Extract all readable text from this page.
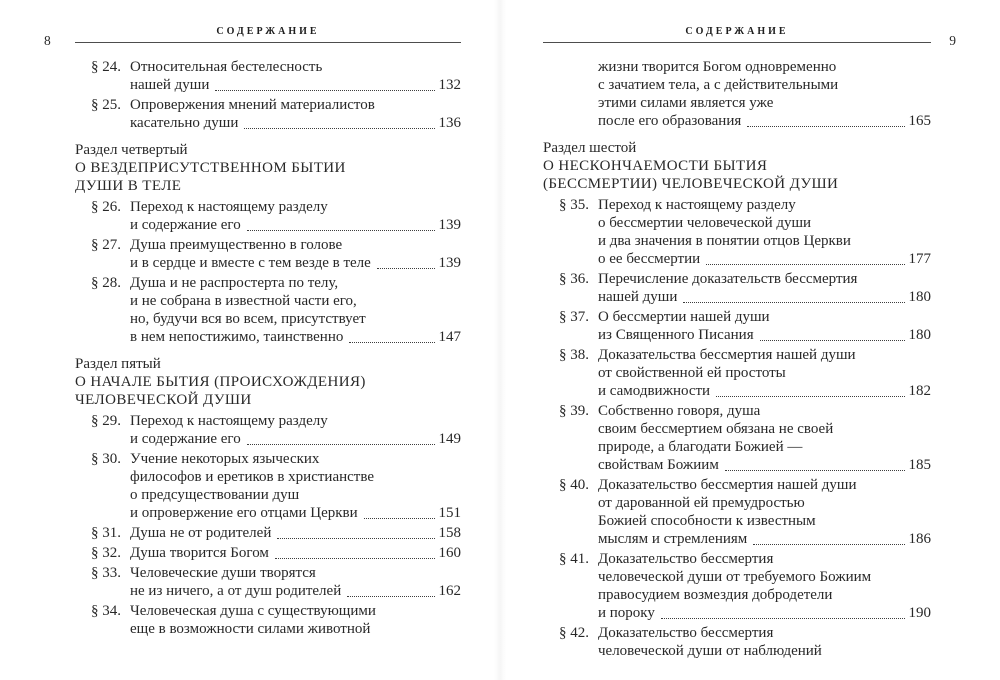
8
СОДЕРЖАНИЕ
§ 24. Относительная бестелесность
нашей души	132
§ 25. Опровержения мнений материалистов
касательно души	136
Раздел четвертый
О ВЕЗДЕПРИСУТСТВЕННОМ БЫТИИ
ДУШИ В ТЕЛЕ
§ 26. Переход к настоящему разделу
и содержание его	139
§ 27. Душа преимущественно в голове
и в сердце и вместе с тем везде в теле	139
§ 28. Душа и не распростерта по телу,
и не собрана в известной части его,
но, будучи вся во всем, присутствует
в нем непостижимо, таинственно	147
Раздел пятый
О НАЧАЛЕ БЫТИЯ (ПРОИСХОЖДЕНИЯ)
ЧЕЛОВЕЧЕСКОЙ ДУШИ
§ 29. Переход к настоящему разделу
и содержание его	149
§ 30. Учение некоторых языческих
философов и еретиков в христианстве
о предсуществовании душ
и опровержение его отцами Церкви	151
§ 31. Душа не от родителей	158
§ 32. Душа творится Богом	160
§ 33. Человеческие души творятся
не из ничего, а от душ родителей	162
§ 34. Человеческая душа с существующими
еще в возможности силами животной
9
СОДЕРЖАНИЕ
жизни творится Богом одновременно
с зачатием тела, а с действительными
этими силами является уже
после его образования	165
Раздел шестой
О НЕСКОНЧАЕМОСТИ БЫТИЯ
(БЕССМЕРТИИ) ЧЕЛОВЕЧЕСКОЙ ДУШИ
§ 35. Переход к настоящему разделу
о бессмертии человеческой души
и два значения в понятии отцов Церкви
о ее бессмертии	177
§ 36. Перечисление доказательств бессмертия
нашей души	180
§ 37. О бессмертии нашей души
из Священного Писания	180
§ 38. Доказательства бессмертия нашей души
от свойственной ей простоты
и самодвижности	182
§ 39. Собственно говоря, душа
своим бессмертием обязана не своей
природе, а благодати Божией —
свойствам Божиим	185
§ 40. Доказательство бессмертия нашей души
от дарованной ей премудростью
Божией способности к известным
мыслям и стремлениям	186
§ 41. Доказательство бессмертия
человеческой души от требуемого Божиим
правосудием возмездия добродетели
и пороку	190
§ 42. Доказательство бессмертия
человеческой души от наблюдений
